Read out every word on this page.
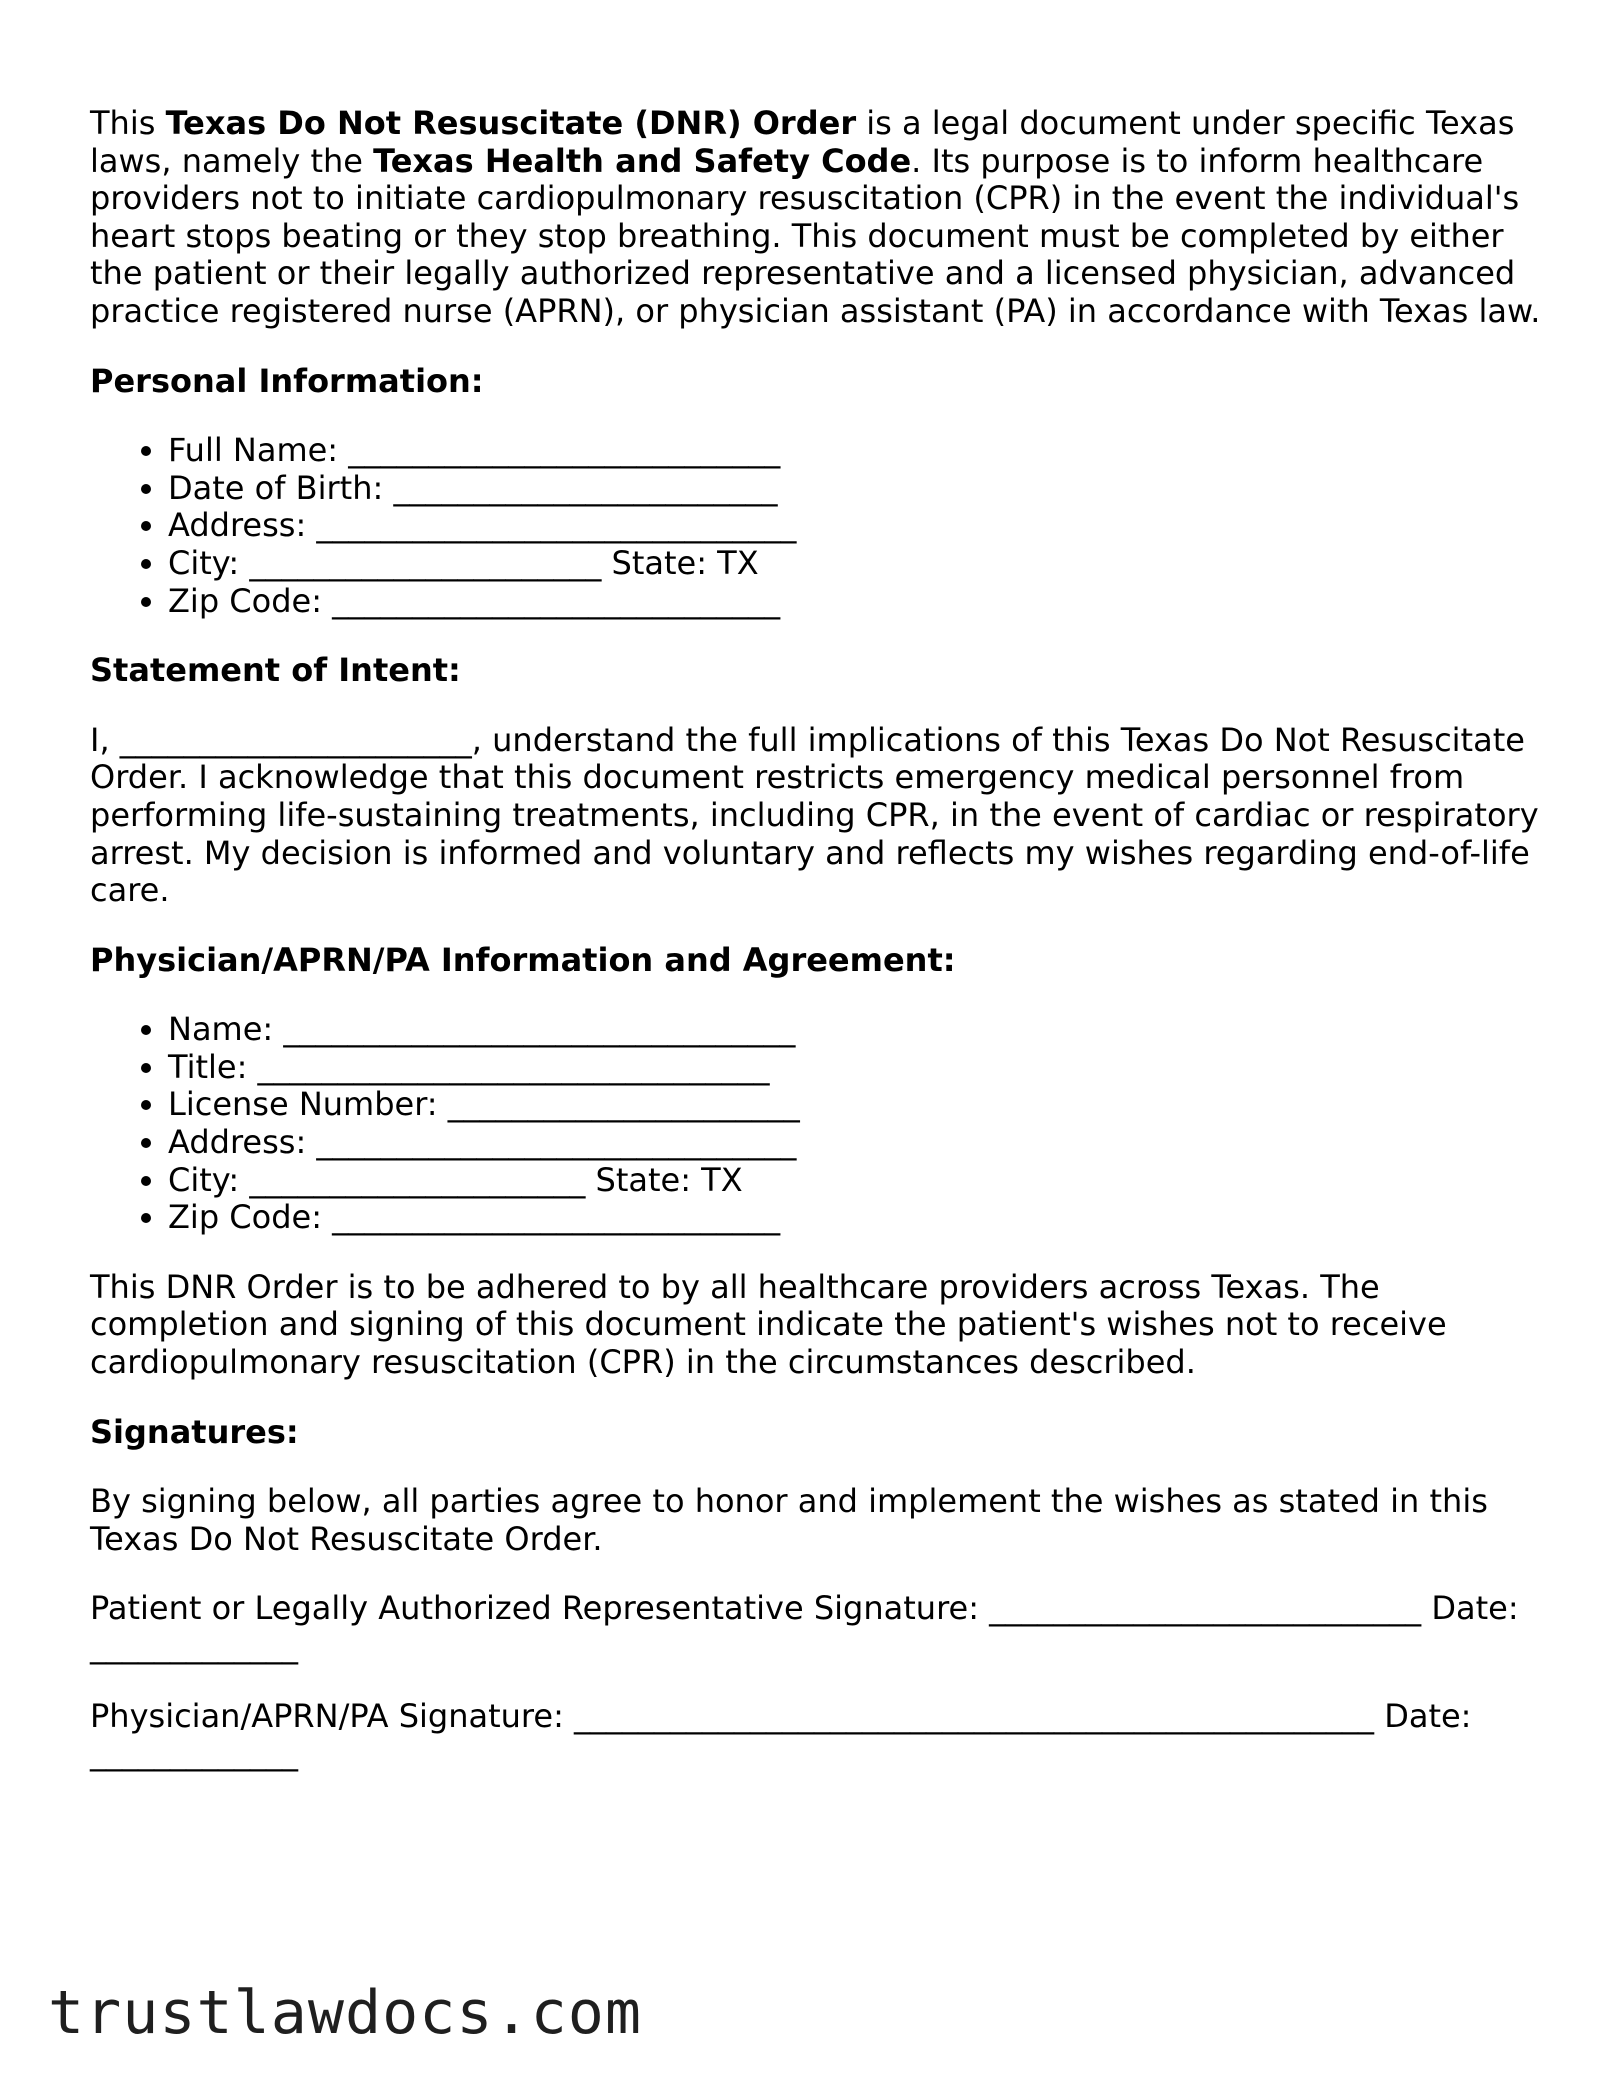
This Texas Do Not Resuscitate (DNR) Order is a legal document under specific Texas laws, namely the Texas Health and Safety Code. Its purpose is to inform healthcare providers not to initiate cardiopulmonary resuscitation (CPR) in the event the individual's heart stops beating or they stop breathing. This document must be completed by either the patient or their legally authorized representative and a licensed physician, advanced practice registered nurse (APRN), or physician assistant (PA) in accordance with Texas law.

Personal Information:
• Full Name: ___________________________
• Date of Birth: ________________________
• Address: ______________________________
• City: ______________________ State: TX
• Zip Code: ____________________________
Statement of Intent:

I, ______________________, understand the full implications of this Texas Do Not Resuscitate Order. I acknowledge that this document restricts emergency medical personnel from performing life-sustaining treatments, including CPR, in the event of cardiac or respiratory arrest. My decision is informed and voluntary and reflects my wishes regarding end-of-life care.

Physician/APRN/PA Information and Agreement:
• Name: ________________________________
• Title: ________________________________
• License Number: ______________________
• Address: ______________________________
• City: _____________________ State: TX
• Zip Code: ____________________________

This DNR Order is to be adhered to by all healthcare providers across Texas. The completion and signing of this document indicate the patient's wishes not to receive cardiopulmonary resuscitation (CPR) in the circumstances described.

Signatures:

By signing below, all parties agree to honor and implement the wishes as stated in this Texas Do Not Resuscitate Order.

Patient or Legally Authorized Representative Signature: ___________________________ Date: _____________

Physician/APRN/PA Signature: __________________________________________________ Date: _____________

trustlawdocs.com
